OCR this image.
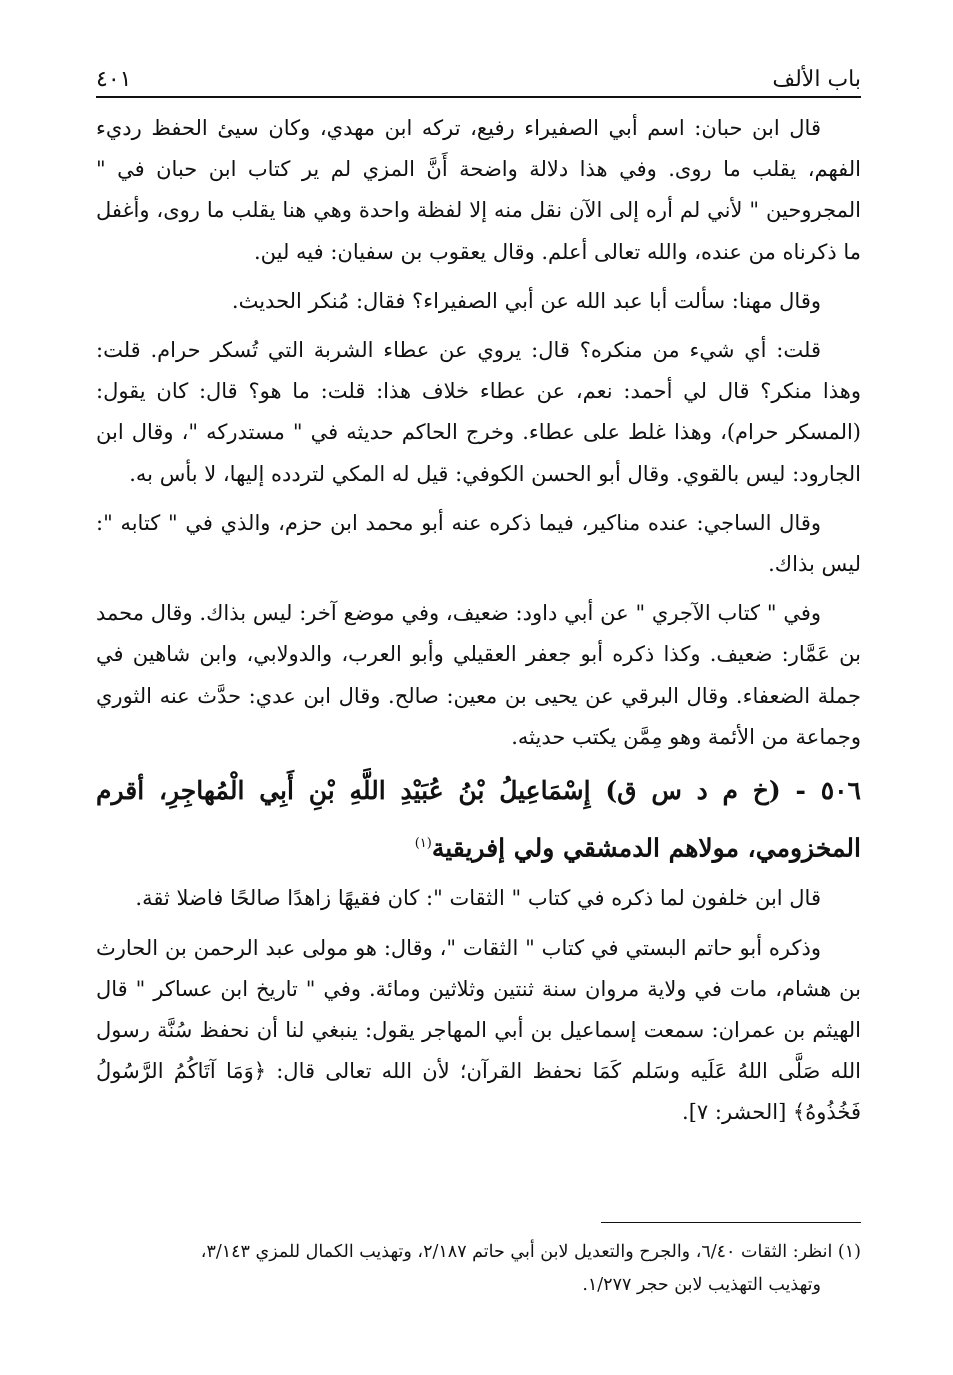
باب الألف
٤٠١

قال ابن حبان: اسم أبي الصفيراء رفيع، تركه ابن مهدي، وكان سيئ الحفظ رديء الفهم، يقلب ما روى. وفي هذا دلالة واضحة أَنَّ المزي لم ير كتاب ابن حبان في " المجروحين " لأني لم أره إلى الآن نقل منه إلا لفظة واحدة وهي هنا يقلب ما روى، وأغفل ما ذكرناه من عنده، والله تعالى أعلم. وقال يعقوب بن سفيان: فيه لين.

وقال مهنا: سألت أبا عبد الله عن أبي الصفيراء؟ فقال: مُنكر الحديث.

قلت: أي شيء من منكره؟ قال: يروي عن عطاء الشربة التي تُسكر حرام. قلت: وهذا منكر؟ قال لي أحمد: نعم، عن عطاء خلاف هذا: قلت: ما هو؟ قال: كان يقول: (المسكر حرام)، وهذا غلط على عطاء. وخرج الحاكم حديثه في " مستدركه "، وقال ابن الجارود: ليس بالقوي. وقال أبو الحسن الكوفي: قيل له المكي لتردده إليها، لا بأس به.

وقال الساجي: عنده مناكير، فيما ذكره عنه أبو محمد ابن حزم، والذي في " كتابه ": ليس بذاك.

وفي " كتاب الآجري " عن أبي داود: ضعيف، وفي موضع آخر: ليس بذاك. وقال محمد بن عَمَّار: ضعيف. وكذا ذكره أبو جعفر العقيلي وأبو العرب، والدولابي، وابن شاهين في جملة الضعفاء. وقال البرقي عن يحيى بن معين: صالح. وقال ابن عدي: حدَّث عنه الثوري وجماعة من الأئمة وهو مِمَّن يكتب حديثه.

٥٠٦ - (خ م د س ق) إِسْمَاعِيلُ بْنُ عُبَيْدِ اللَّهِ بْنِ أَبِي الْمُهاجِرِ، أقرم المخزومي، مولاهم الدمشقي ولي إفريقية$^{(١)}$

قال ابن خلفون لما ذكره في كتاب " الثقات ": كان فقيهًا زاهدًا صالحًا فاضلا ثقة.

وذكره أبو حاتم البستي في كتاب " الثقات "، وقال: هو مولى عبد الرحمن بن الحارث بن هشام، مات في ولاية مروان سنة ثنتين وثلاثين ومائة. وفي " تاريخ ابن عساكر " قال الهيثم بن عمران: سمعت إسماعيل بن أبي المهاجر يقول: ينبغي لنا أن نحفظ سُنَّة رسول الله صَلَّى اللهُ عَلَيه وسَلم كَمَا نحفظ القرآن؛ لأن الله تعالى قال: ﴿وَمَا آتَاكُمُ الرَّسُولُ فَخُذُوهُ﴾ [الحشر: ٧].

(١) انظر: الثقات ٦/٤٠، والجرح والتعديل لابن أبي حاتم ٢/١٨٧، وتهذيب الكمال للمزي ٣/١٤٣،

وتهذيب التهذيب لابن حجر ١/٢٧٧.
